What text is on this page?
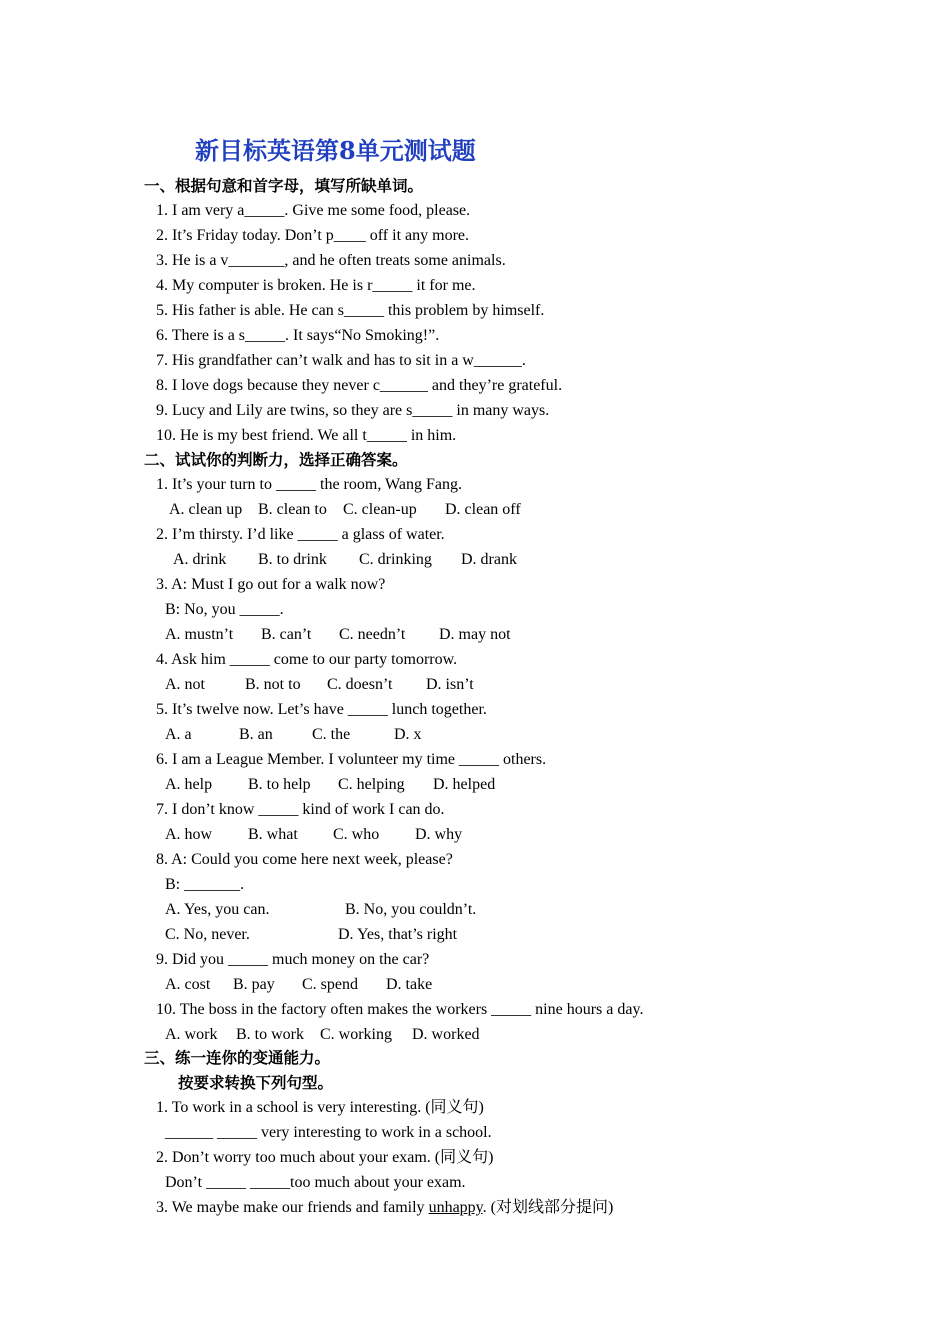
新目标英语第8单元测试题
一、根据句意和首字母，填写所缺单词。
1. I am very a_____. Give me some food, please.
2. It’s Friday today. Don’t p____ off it any more.
3. He is a v_______, and he often treats some animals.
4. My computer is broken. He is r_____ it for me.
5. His father is able. He can s_____ this problem by himself.
6. There is a s_____. It says“No Smoking!”.
7. His grandfather can’t walk and has to sit in a w______.
8. I love dogs because they never c______ and they’re grateful.
9. Lucy and Lily are twins, so they are s_____ in many ways.
10. He is my best friend. We all t_____ in him.
二、试试你的判断力，选择正确答案。
1. It’s your turn to _____ the room, Wang Fang.
A. clean up B. clean to C. clean-up D. clean off
2. I’m thirsty. I’d like _____ a glass of water.
A. drink B. to drink C. drinking D. drank
3. A: Must I go out for a walk now?
B: No, you _____.
A. mustn’t B. can’t C. needn’t D. may not
4. Ask him _____ come to our party tomorrow.
A. not	B. not to C. doesn’t D. isn’t
5. It’s twelve now. Let’s have _____ lunch together.
A. a	B. an C. the	D. x
6. I am a League Member. I volunteer my time _____ others.
A. help B. to help C. helping D. helped
7. I don’t know _____ kind of work I can do.
A. how B. what C. who D. why
8. A: Could you come here next week, please?
B: _______.
A. Yes, you can.	B. No, you couldn’t.
C. No, never.	D. Yes, that’s right
9. Did you _____ much money on the car?
A. cost B. pay C. spend D. take
10. The boss in the factory often makes the workers _____ nine hours a day.
A. work B. to work C. working D. worked
三、练一连你的变通能力。
按要求转换下列句型。
1. To work in a school is very interesting. (同义句)
______ _____ very interesting to work in a school.
2. Don’t worry too much about your exam. (同义句)
Don’t _____ _____too much about your exam.
3. We maybe make our friends and family unhappy. (对划线部分提问)
